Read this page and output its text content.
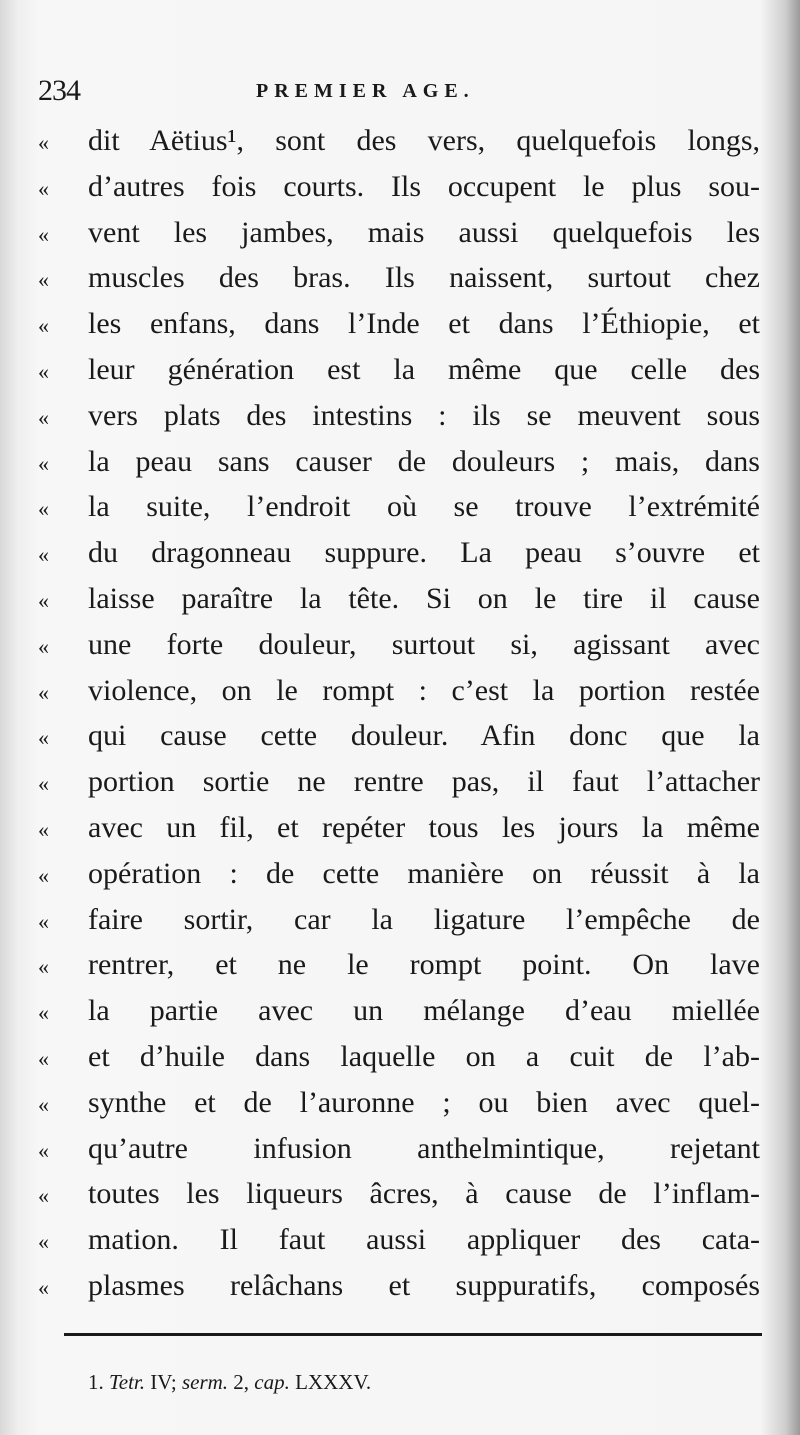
234	PREMIER AGE.
«	dit Aëtius¹, sont des vers, quelquefois longs,
«	d’autres fois courts. Ils occupent le plus sou-
«	vent les jambes, mais aussi quelquefois les
«	muscles des bras. Ils naissent, surtout chez
«	les enfans, dans l’Inde et dans l’Éthiopie, et
«	leur génération est la même que celle des
«	vers plats des intestins : ils se meuvent sous
«	la peau sans causer de douleurs ; mais, dans
«	la suite, l’endroit où se trouve l’extrémité
«	du dragonneau suppure. La peau s’ouvre et
«	laisse paraître la tête. Si on le tire il cause
«	une forte douleur, surtout si, agissant avec
«	violence, on le rompt : c’est la portion restée
«	qui cause cette douleur. Afin donc que la
«	portion sortie ne rentre pas, il faut l’attacher
«	avec un fil, et repéter tous les jours la même
«	opération : de cette manière on réussit à la
«	faire sortir, car la ligature l’empêche de
«	rentrer, et ne le rompt point. On lave
«	la partie avec un mélange d’eau miellée
«	et d’huile dans laquelle on a cuit de l’ab-
«	synthe et de l’auronne ; ou bien avec quel-
«	qu’autre infusion anthelmintique, rejetant
«	toutes les liqueurs âcres, à cause de l’inflam-
«	mation. Il faut aussi appliquer des cata-
«	plasmes relâchans et suppuratifs, composés
1. Tetr. IV; serm. 2, cap. LXXXV.
